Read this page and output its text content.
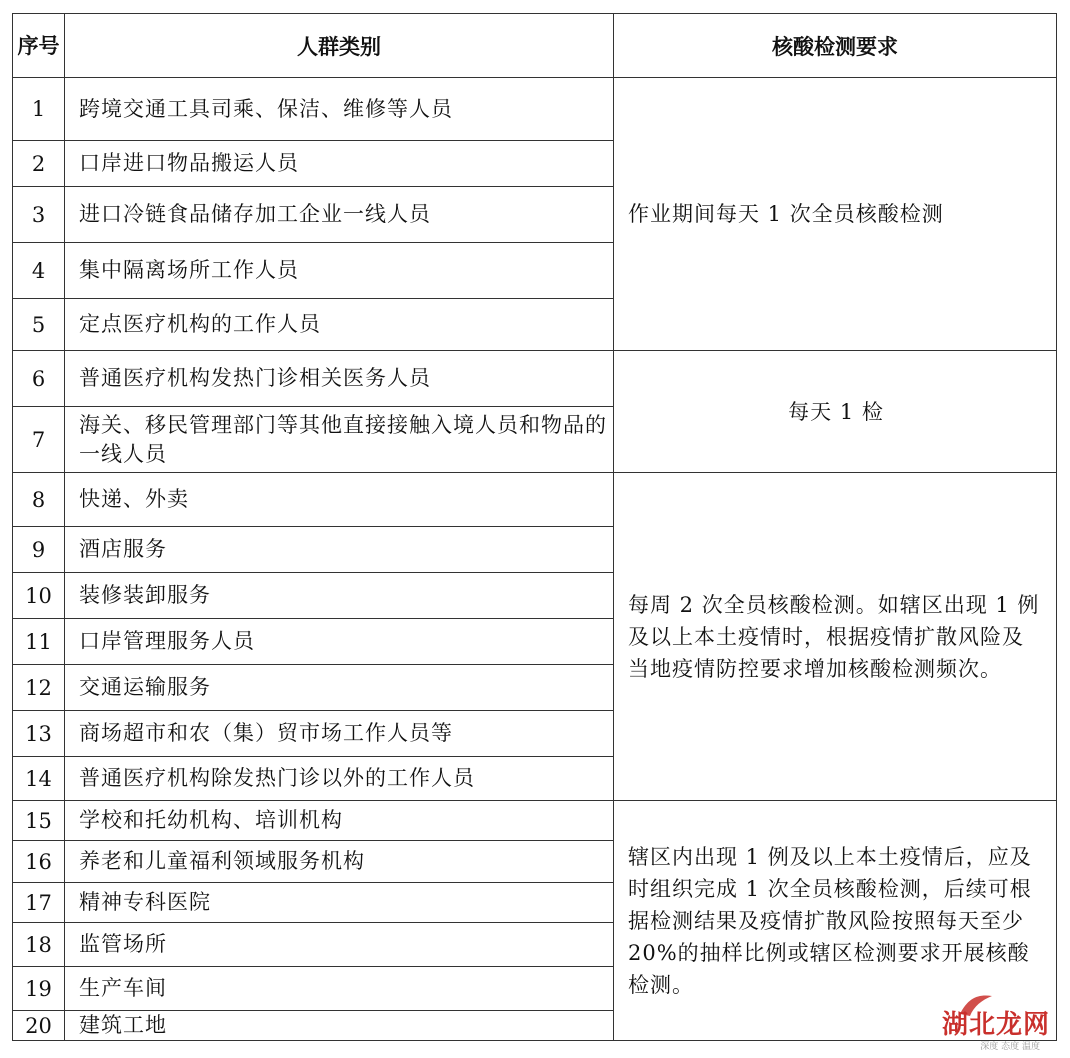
序号	人群类别	核酸检测要求
1	跨境交通工具司乘、保洁、维修等人员	作业期间每天 1 次全员核酸检测
2	口岸进口物品搬运人员	
3	进口冷链食品储存加工企业一线人员	
4	集中隔离场所工作人员	
5	定点医疗机构的工作人员	
6	普通医疗机构发热门诊相关医务人员	每天 1 检
7	海关、移民管理部门等其他直接接触入境人员和物品的一线人员	
8	快递、外卖	每周 2 次全员核酸检测。如辖区出现 1 例及以上本土疫情时，根据疫情扩散风险及当地疫情防控要求增加核酸检测频次。
9	酒店服务	
10	装修装卸服务	
11	口岸管理服务人员	
12	交通运输服务	
13	商场超市和农（集）贸市场工作人员等	
14	普通医疗机构除发热门诊以外的工作人员	
15	学校和托幼机构、培训机构	辖区内出现 1 例及以上本土疫情后，应及时组织完成 1 次全员核酸检测，后续可根据检测结果及疫情扩散风险按照每天至少 20%的抽样比例或辖区检测要求开展核酸检测。
16	养老和儿童福利领域服务机构	
17	精神专科医院	
18	监管场所	
19	生产车间	
20	建筑工地		湖北龙网
深度 态度 温度
